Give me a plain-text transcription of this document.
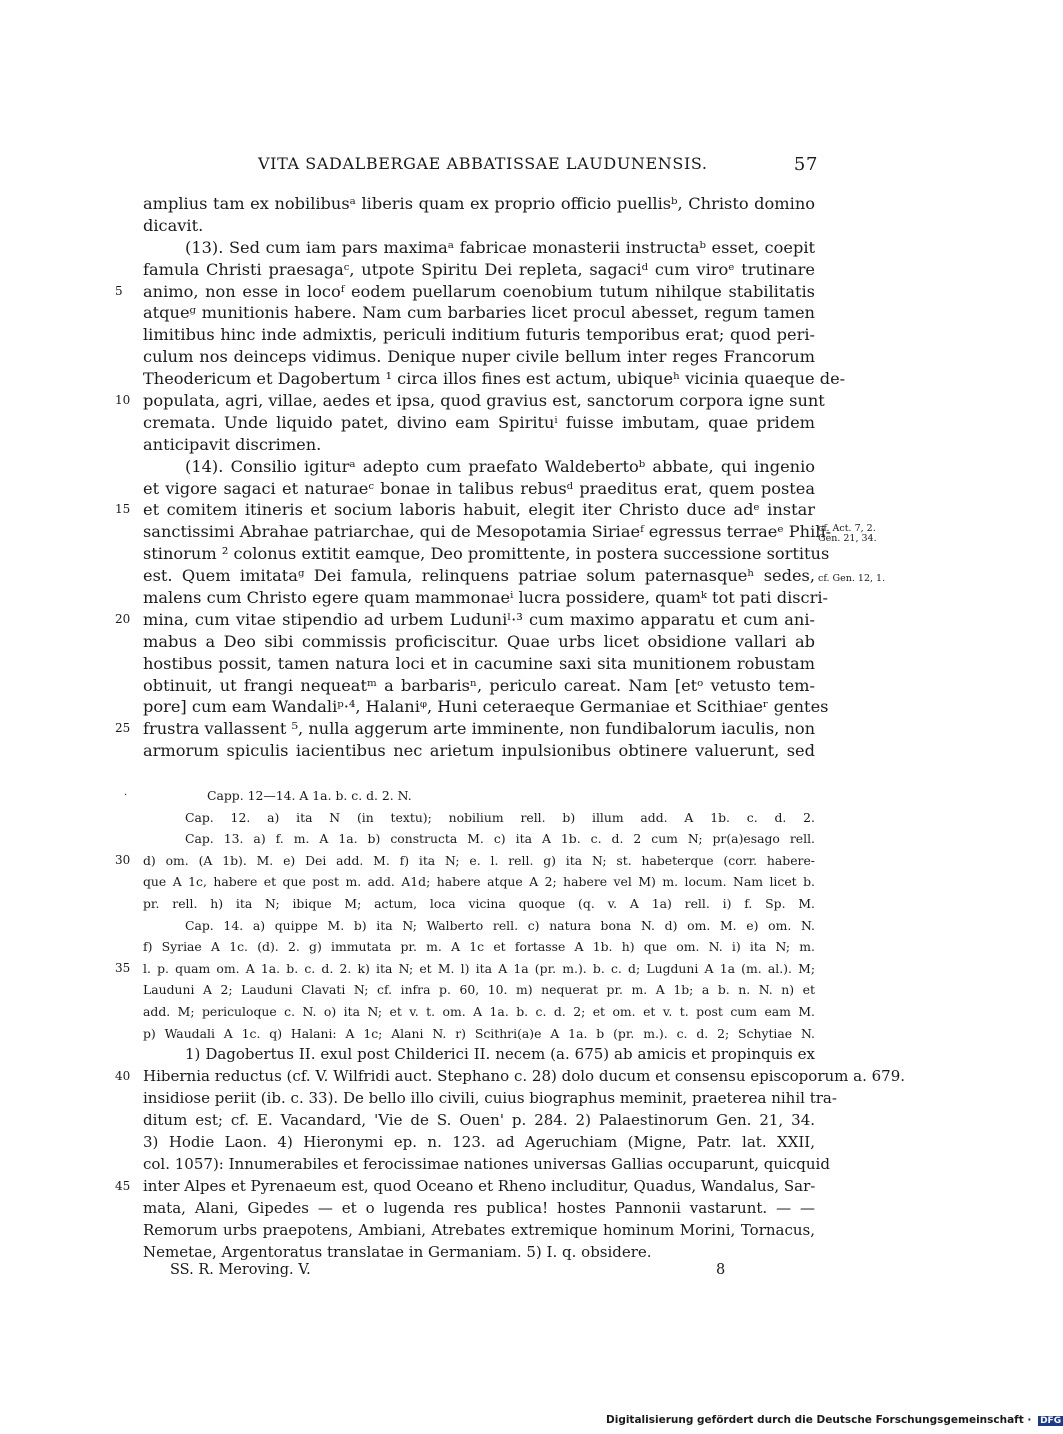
VITA SADALBERGAE ABBATISSAE LAUDUNENSIS.	57
amplius tam ex nobilibusᵃ liberis quam ex proprio officio puellisᵇ, Christo domino
dicavit.
(13). Sed cum iam pars maximaᵃ fabricae monasterii instructaᵇ esset, coepit
famula Christi praesagaᶜ, utpote Spiritu Dei repleta, sagaciᵈ cum viroᵉ trutinare
5 animo, non esse in locoᶠ eodem puellarum coenobium tutum nihilque stabilitatis
atqueᵍ munitionis habere. Nam cum barbaries licet procul abesset, regum tamen
limitibus hinc inde admixtis, periculi inditium futuris temporibus erat; quod peri-
culum nos deinceps vidimus. Denique nuper civile bellum inter reges Francorum
Theodericum et Dagobertum ¹ circa illos fines est actum, ubiqueʰ vicinia quaeque de-
10 populata, agri, villae, aedes et ipsa, quod gravius est, sanctorum corpora igne sunt
cremata. Unde liquido patet, divino eam Spirituⁱ fuisse imbutam, quae pridem
anticipavit discrimen.
(14). Consilio igiturᵃ adepto cum praefato Waldebertoᵇ abbate, qui ingenio
et vigore sagaci et naturaeᶜ bonae in talibus rebusᵈ praeditus erat, quem postea
15 et comitem itineris et socium laboris habuit, elegit iter Christo duce adᵉ instar
sanctissimi Abrahae patriarchae, qui de Mesopotamia Siriaeᶠ egressus terraeᵉ Phili-
stinorum ² colonus extitit eamque, Deo promittente, in postera successione sortitus
est. Quem imitataᵍ Dei famula, relinquens patriae solum paternasqueʰ sedes,
malens cum Christo egere quam mammonaeⁱ lucra possidere, quamᵏ tot pati discri-
20 mina, cum vitae stipendio ad urbem Luduniˡ·³ cum maximo apparatu et cum ani-
mabus a Deo sibi commissis proficiscitur. Quae urbs licet obsidione vallari ab
hostibus possit, tamen natura loci et in cacumine saxi sita munitionem robustam
obtinuit, ut frangi nequeatᵐ a barbarisⁿ, periculo careat. Nam [etᵒ vetusto tem-
pore] cum eam Wandaliᵖ·⁴, Halaniᵠ, Huni ceteraeque Germaniae et Scithiaeʳ gentes
25 frustra vallassent ⁵, nulla aggerum arte imminente, non fundibalorum iaculis, non
armorum spiculis iacientibus nec arietum inpulsionibus obtinere valuerunt, sed
cf. Act. 7, 2.
Gen. 21, 34.
cf. Gen. 12, 1.
·	Capp. 12—14. A 1a. b. c. d. 2. N.
Cap. 12. a) ita N (in textu); nobilium rell. b) illum add. A 1b. c. d. 2.
Cap. 13. a) f. m. A 1a. b) constructa M. c) ita A 1b. c. d. 2 cum N; pr(a)esago rell.
30 d) om. (A 1b). M. e) Dei add. M. f) ita N; e. l. rell. g) ita N; st. habeterque (corr. habere-
que A 1c, habere et que post m. add. A1d; habere atque A 2; habere vel M) m. locum. Nam licet b.
pr. rell. h) ita N; ibique M; actum, loca vicina quoque (q. v. A 1a) rell. i) f. Sp. M.
Cap. 14. a) quippe M. b) ita N; Walberto rell. c) natura bona N. d) om. M. e) om. N.
f) Syriae A 1c. (d). 2. g) immutata pr. m. A 1c et fortasse A 1b. h) que om. N. i) ita N; m.
35 l. p. quam om. A 1a. b. c. d. 2. k) ita N; et M. l) ita A 1a (pr. m.). b. c. d; Lugduni A 1a (m. al.). M;
Lauduni A 2; Lauduni Clavati N; cf. infra p. 60, 10. m) nequerat pr. m. A 1b; a b. n. N. n) et
add. M; periculoque c. N. o) ita N; et v. t. om. A 1a. b. c. d. 2; et om. et v. t. post cum eam M.
p) Waudali A 1c. q) Halani: A 1c; Alani N. r) Scithri(a)e A 1a. b (pr. m.). c. d. 2; Schytiae N.
1) Dagobertus II. exul post Childerici II. necem (a. 675) ab amicis et propinquis ex
40 Hibernia reductus (cf. V. Wilfridi auct. Stephano c. 28) dolo ducum et consensu episcoporum a. 679.
insidiose periit (ib. c. 33). De bello illo civili, cuius biographus meminit, praeterea nihil tra-
ditum est; cf. E. Vacandard, 'Vie de S. Ouen' p. 284. 2) Palaestinorum Gen. 21, 34.
3) Hodie Laon. 4) Hieronymi ep. n. 123. ad Ageruchiam (Migne, Patr. lat. XXII,
col. 1057): Innumerabiles et ferocissimae nationes universas Gallias occuparunt, quicquid
45 inter Alpes et Pyrenaeum est, quod Oceano et Rheno includitur, Quadus, Wandalus, Sar-
mata, Alani, Gipedes — et o lugenda res publica! hostes Pannonii vastarunt. — —
Remorum urbs praepotens, Ambiani, Atrebates extremique hominum Morini, Tornacus,
Nemetae, Argentoratus translatae in Germaniam. 5) I. q. obsidere.
SS. R. Meroving. V.	8
Digitalisierung gefördert durch die Deutsche Forschungsgemeinschaft · DFG
